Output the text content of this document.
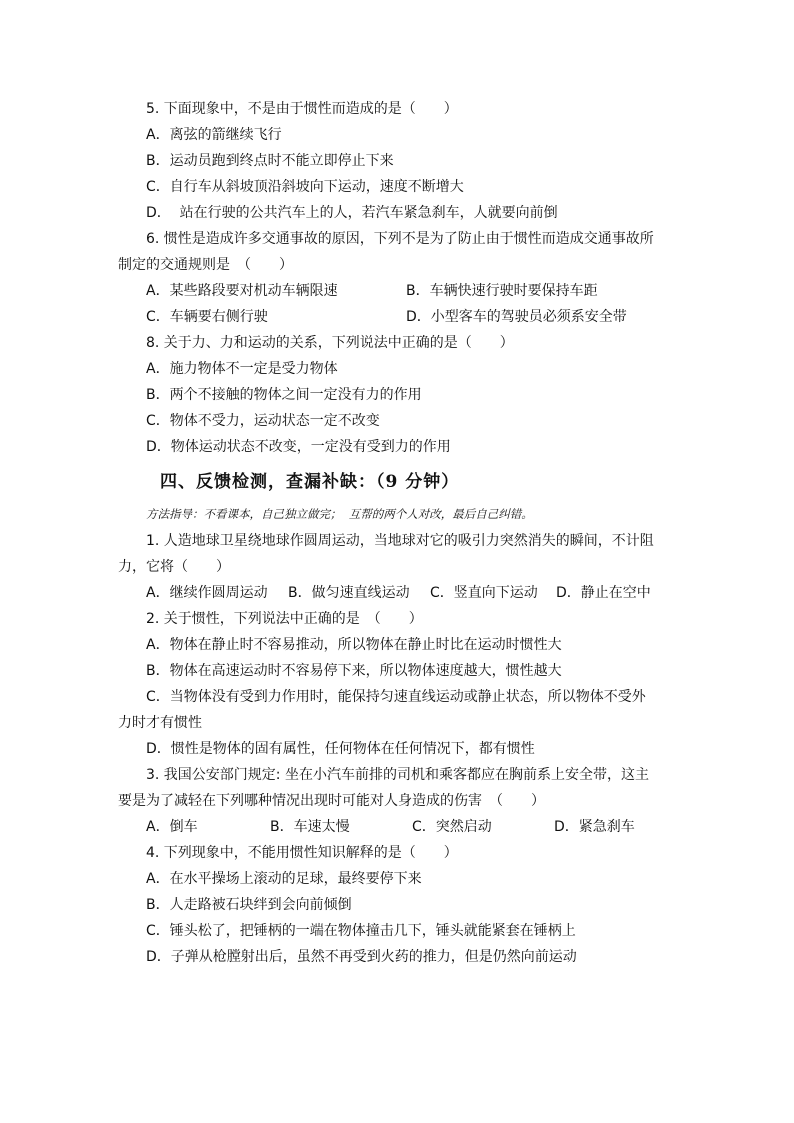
5. 下面现象中，不是由于惯性而造成的是（　　）
A．离弦的箭继续飞行
B．运动员跑到终点时不能立即停止下来
C．自行车从斜坡顶沿斜坡向下运动，速度不断增大
D．  站在行驶的公共汽车上的人，若汽车紧急刹车，人就要向前倒
6. 惯性是造成许多交通事故的原因，下列不是为了防止由于惯性而造成交通事故所
制定的交通规则是　（　　）
A．某些路段要对机动车辆限速	B．车辆快速行驶时要保持车距
C．车辆要右侧行驶	D．小型客车的驾驶员必须系安全带
8. 关于力、力和运动的关系，下列说法中正确的是（　　）
A．施力物体不一定是受力物体
B．两个不接触的物体之间一定没有力的作用
C．物体不受力，运动状态一定不改变
D．物体运动状态不改变，一定没有受到力的作用
四、反馈检测，查漏补缺：（9 分钟）
方法指导：不看课本，自己独立做完；  互帮的两个人对改，最后自己纠错。
1. 人造地球卫星绕地球作圆周运动，当地球对它的吸引力突然消失的瞬间，不计阻
力，它将（　　）
A．继续作圆周运动 B．做匀速直线运动 C．竖直向下运动 D．静止在空中
2. 关于惯性，下列说法中正确的是　（　　）
A．物体在静止时不容易推动，所以物体在静止时比在运动时惯性大
B．物体在高速运动时不容易停下来，所以物体速度越大，惯性越大
C．当物体没有受到力作用时，能保持匀速直线运动或静止状态，所以物体不受外
力时才有惯性
D．惯性是物体的固有属性，任何物体在任何情况下，都有惯性
3. 我国公安部门规定: 坐在小汽车前排的司机和乘客都应在胸前系上安全带，这主
要是为了减轻在下列哪种情况出现时可能对人身造成的伤害　（　　）
A．倒车	B．车速太慢	C．突然启动	D．紧急刹车
4. 下列现象中，不能用惯性知识解释的是（　　）
A．在水平操场上滚动的足球，最终要停下来
B．人走路被石块绊到会向前倾倒
C．锤头松了，把锤柄的一端在物体撞击几下，锤头就能紧套在锤柄上
D．子弹从枪膛射出后，虽然不再受到火药的推力，但是仍然向前运动
